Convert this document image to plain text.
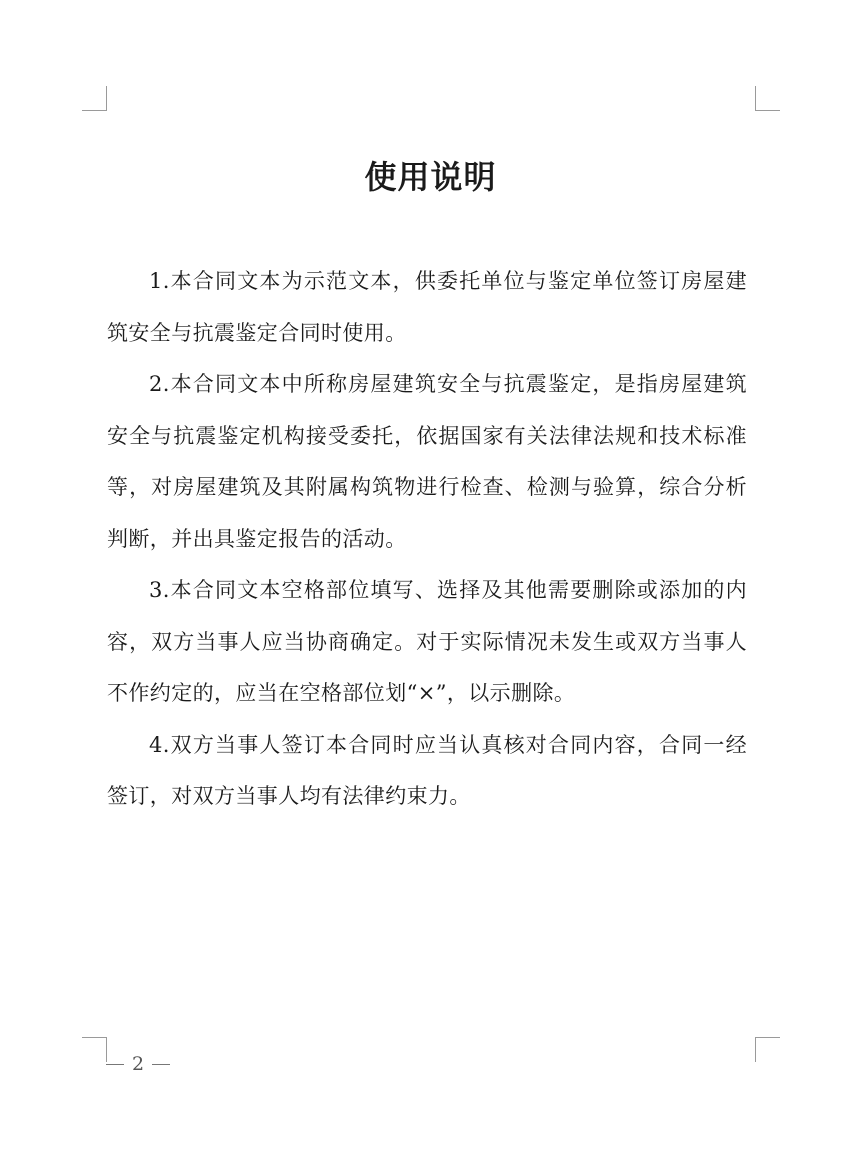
使用说明

1.本合同文本为示范文本，供委托单位与鉴定单位签订房屋建筑安全与抗震鉴定合同时使用。

2.本合同文本中所称房屋建筑安全与抗震鉴定，是指房屋建筑安全与抗震鉴定机构接受委托，依据国家有关法律法规和技术标准等，对房屋建筑及其附属构筑物进行检查、检测与验算，综合分析判断，并出具鉴定报告的活动。

3.本合同文本空格部位填写、选择及其他需要删除或添加的内容，双方当事人应当协商确定。对于实际情况未发生或双方当事人不作约定的，应当在空格部位划“×”，以示删除。

4.双方当事人签订本合同时应当认真核对合同内容，合同一经签订，对双方当事人均有法律约束力。

2
